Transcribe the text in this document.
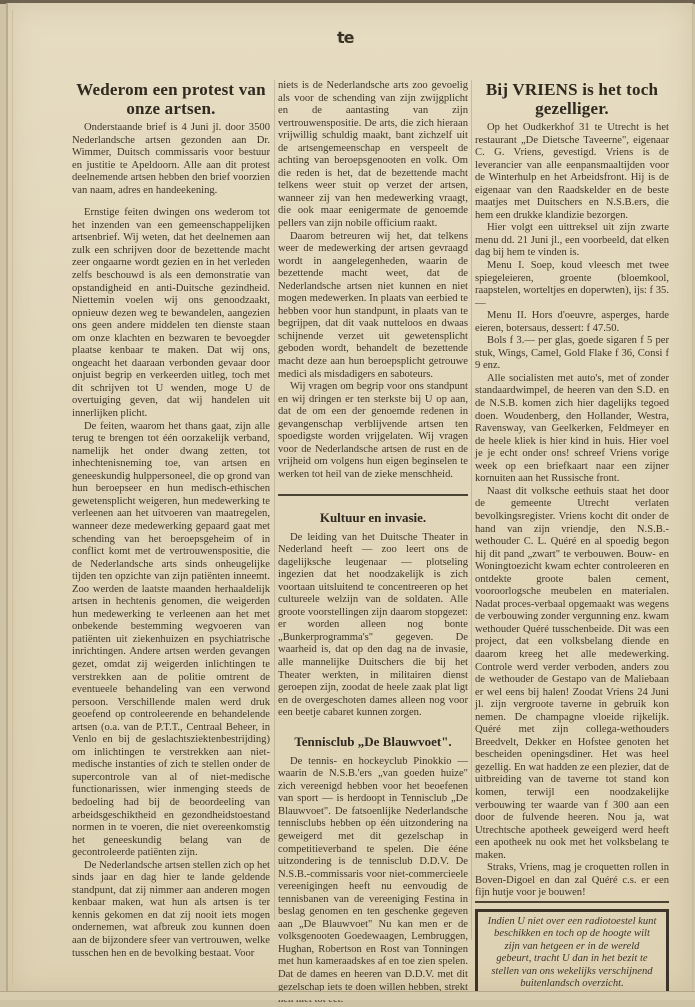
te
Wederom een protest van onze artsen.

Onderstaande brief is 4 Juni jl. door 3500 Nederlandsche artsen gezonden aan Dr. Wimmer, Duitsch commissaris voor bestuur en justitie te Apeldoorn. Alle aan dit protest deelnemende artsen hebben den brief voorzien van naam, adres en handeekening.

Ernstige feiten dwingen ons wederom tot het inzenden van een gemeenschappelijken artsenbrief. Wij weten, dat het deelnemen aan zulk een schrijven door de bezettende macht zeer ongaarne wordt gezien en in het verleden zelfs beschouwd is als een demonstratie van opstandigheid en anti-Duitsche gezindheid. Niettemin voelen wij ons genoodzaakt, opnieuw dezen weg te bewandelen, aangezien ons geen andere middelen ten dienste staan om onze klachten en bezwaren te bevoegder plaatse kenbaar te maken. Dat wij ons, ongeacht het daaraan verbonden gevaar door onjuist begrip en verkeerden uitleg, toch met dit schrijven tot U wenden, moge U de overtuiging geven, dat wij handelen uit innerlijken plicht.

De feiten, waarom het thans gaat, zijn alle terug te brengen tot één oorzakelijk verband, namelijk het onder dwang zetten, tot inhechtenisneming toe, van artsen en geneeskundig hulppersoneel, die op grond van hun beroepseer en hun medisch-ethischen gewetensplicht weigeren, hun medewerking te verleenen aan het uitvoeren van maatregelen, wanneer deze medewerking gepaard gaat met schending van het beroepsgeheim of in conflict komt met de vertrouwenspositie, die de Nederlandsche arts sinds onheugelijke tijden ten opzichte van zijn patiënten inneemt. Zoo werden de laatste maanden herhaaldelijk artsen in hechtenis genomen, die weigerden hun medewerking te verleenen aan het met onbekende bestemming wegvoeren van patiënten uit ziekenhuizen en psychiatrische inrichtingen. Andere artsen werden gevangen gezet, omdat zij weigerden inlichtingen te verstrekken aan de politie omtrent de eventueele behandeling van een verwond persoon. Verschillende malen werd druk geoefend op controleerende en behandelende artsen (o.a. van de P.T.T., Centraal Beheer, in Venlo en bij de geslachtsziektenbestrijding) om inlichtingen te verstrekken aan niet-medische instanties of zich te stellen onder de supercontrole van al of niet-medische functionarissen, wier inmenging steeds de bedoeling had bij de beoordeeling van arbeidsgeschiktheid en gezondheidstoestand normen in te voeren, die niet overeenkomstig het geneeskundig belang van de gecontroleerde patiënten zijn.

De Nederlandsche artsen stellen zich op het sinds jaar en dag hier te lande geldende standpunt, dat zij nimmer aan anderen mogen kenbaar maken, wat hun als artsen is ter kennis gekomen en dat zij nooit iets mogen ondernemen, wat afbreuk zou kunnen doen aan de bijzondere sfeer van vertrouwen, welke tusschen hen en de bevolking bestaat. Voor

niets is de Nederlandsche arts zoo gevoelig als voor de schending van zijn zwijgplicht en de aantasting van zijn vertrouwenspositie. De arts, die zich hieraan vrijwillig schuldig maakt, bant zichzelf uit de artsengemeenschap en verspeelt de achting van beroepsgenooten en volk. Om die reden is het, dat de bezettende macht telkens weer stuit op verzet der artsen, wanneer zij van hen medewerking vraagt, die ook maar eenigermate de genoemde pellers van zijn nobile officium raakt.

Daarom betreuren wij het, dat telkens weer de medewerking der artsen gevraagd wordt in aangelegenheden, waarin de bezettende macht weet, dat de Nederlandsche artsen niet kunnen en niet mogen medewerken. In plaats van eerbied te hebben voor hun standpunt, in plaats van te begrijpen, dat dit vaak nutteloos en dwaas schijnende verzet uit gewetensplicht geboden wordt, behandelt de bezettende macht deze aan hun beroepsplicht getrouwe medici als misdadigers en saboteurs.

Wij vragen om begrip voor ons standpunt en wij dringen er ten sterkste bij U op aan, dat de om een der genoemde redenen in gevangenschap verblijvende artsen ten spoedigste worden vrijgelaten. Wij vragen voor de Nederlandsche artsen de rust en de vrijheid om volgens hun eigen beginselen te werken tot heil van de zieke menschheid.

Kultuur en invasie.

De leiding van het Duitsche Theater in Nederland heeft — zoo leert ons de dagelijksche leugenaar — plotseling ingezien dat het noodzakelijk is zich voortaan uitsluitend te concentreeren op het cultureele welzijn van de soldaten. Alle groote voorstellingen zijn daarom stopgezet: er worden alleen nog bonte „Bunkerprogramma's" gegeven. De waarheid is, dat op den dag na de invasie, alle mannelijke Duitschers die bij het Theater werkten, in militairen dienst geroepen zijn, zoodat de heele zaak plat ligt en de overgeschoten dames alleen nog voor een beetje cabaret kunnen zorgen.

Tennisclub „De Blauwvoet".

De tennis- en hockeyclub Pinokkio — waarin de N.S.B.'ers „van goeden huize" zich vereenigd hebben voor het beoefenen van sport — is herdoopt in Tennisclub „De Blauwvoet". De fatsoenlijke Nederlandsche tennisclubs hebben op één uitzondering na geweigerd met dit gezelschap in competitieverband te spelen. Die ééne uitzondering is de tennisclub D.D.V. De N.S.B.-commissaris voor niet-commercieele vereenigingen heeft nu eenvoudig de tennisbanen van de vereeniging Festina in beslag genomen en ten geschenke gegeven aan „De Blauwvoet" Nu kan men er de volksgenooten Goedewaagen, Lembruggen, Hughan, Robertson en Rost van Tonningen met hun kameraadskes af en toe zien spelen. Dat de dames en heeren van D.D.V. met dit gezelschap iets te doen willen hebben, strekt

Bij VRIENS is het toch gezelliger.

Op het Oudkerkhof 31 te Utrecht is het restaurant „De Dietsche Taveerne", eigenaar C. G. Vriens, gevestigd. Vriens is de leverancier van alle eenpansmaaltijden voor de Winterhulp en het Arbeidsfront. Hij is de eigenaar van den Raadskelder en de beste maatjes met Duitschers en N.S.B.ers, die hem een drukke klandizie bezorgen.

Hier volgt een uittreksel uit zijn zwarte menu dd. 21 Juni jl., een voorbeeld, dat elken dag bij hem te vinden is.

Menu I. Soep, koud vleesch met twee spiegeleieren, groente (bloemkool, raapstelen, worteltjes en doperwten), ijs: f 35.—

Menu II. Hors d'oeuvre, asperges, harde eieren, botersaus, dessert: f 47.50.

Bols f 3.— per glas, goede sigaren f 5 per stuk, Wings, Camel, Gold Flake f 36, Consi f 9 enz.

Alle socialisten met auto's, met of zonder standaardwimpel, de heeren van den S.D. en de N.S.B. komen zich hier dagelijks tegoed doen. Woudenberg, den Hollander, Westra, Ravensway, van Geelkerken, Feldmeyer en de heele kliek is hier kind in huis. Hier voel je je echt onder ons! schreef Vriens vorige week op een briefkaart naar een zijner kornuiten aan het Russische front.

Naast dit volksche eethuis staat het door de gemeente Utrecht verlaten bevolkingsregister. Vriens kocht dit onder de hand van zijn vriendje, den N.S.B.-wethouder C. L. Quéré en al spoedig begon hij dit pand „zwart" te verbouwen. Bouw- en Woningtoezicht kwam echter controleeren en ontdekte groote balen cement, vooroorlogsche meubelen en materialen. Nadat proces-verbaal opgemaakt was wegens de verbouwing zonder vergunning enz. kwam wethouder Quéré tusschenbeide. Dit was een project, dat een volksbelang diende en daarom kreeg het alle medewerking. Controle werd verder verboden, anders zou de wethouder de Gestapo van de Maliebaan er wel eens bij halen! Zoodat Vriens 24 Juni jl. zijn vergroote taverne in gebruik kon nemen. De champagne vloeide rijkelijk. Quéré met zijn collega-wethouders Breedvelt, Dekker en Hofstee genoten het bescheiden openingsdiner. Het was heel gezellig. En wat hadden ze een plezier, dat de uitbreiding van de taverne tot stand kon komen, terwijl een noodzakelijke verbouwing ter waarde van f 300 aan een door de fulvende heeren. Nou ja, wat Utrechtsche apotheek geweigerd werd heeft een apotheek nu ook met het volksbelang te maken.

Straks, Vriens, mag je croquetten rollen in Boven-Digoel en dan zal Quéré c.s. er een fijn hutje voor je bouwen!

Indien U niet over een radiotoestel kunt beschikken en toch op de hoogte wilt zijn van hetgeen er in de wereld gebeurt, tracht U dan in het bezit te stellen van ons wekelijks verschijnend buitenlandsch overzicht.
